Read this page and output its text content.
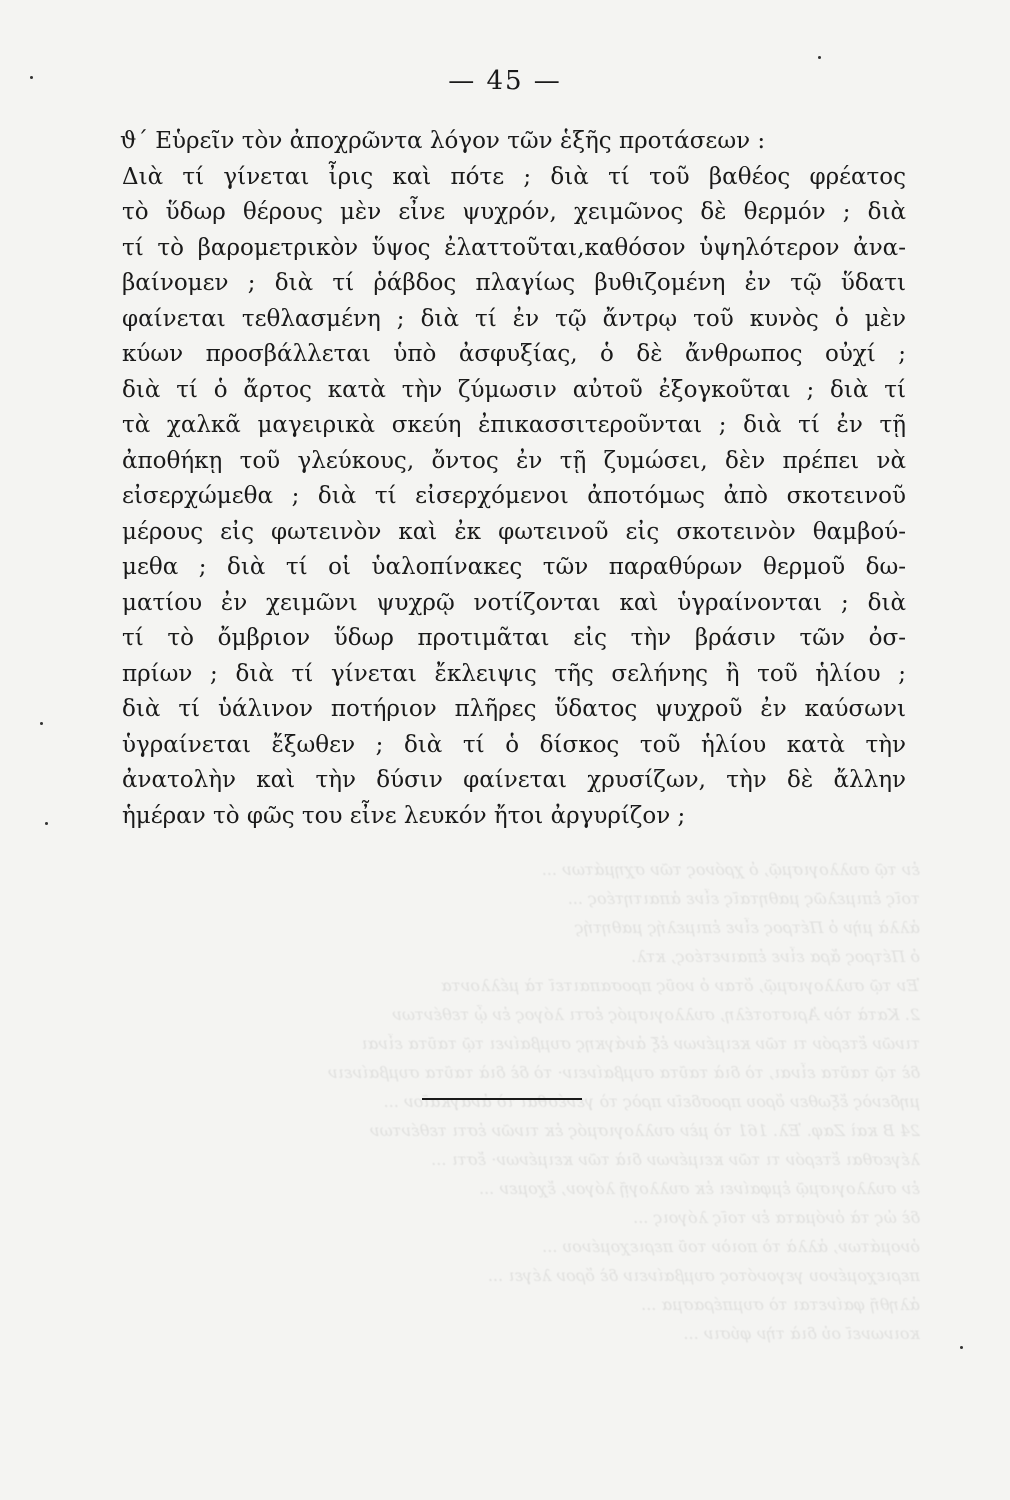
ἐν τῷ συλλογισμῷ, ὁ χρόνος τῶν σχημάτων ...
τοῖς ἐπιμελῶς μαθηταῖς εἶνε ἀπαιτητέος ...
ἀλλὰ μὴν ὁ Πέτρος εἶνε ἐπιμελής μαθητής
ὁ Πέτρος ἄρα εἶνε ἐπαινετέος, κτλ.
Ἐν τῷ συλλογισμῷ, ὅταν ὁ νοῦς προσαπαιτεῖ τὰ μέλλοντα
2. Κατὰ τὸν Ἀριστοτέλη, συλλογισμός ἐστι λόγος ἐν ᾧ τεθέντων
τινῶν ἕτερόν τι τῶν κειμένων ἐξ ἀνάγκης συμβαίνει τῷ ταῦτα εἶναι
δὲ τῷ ταῦτα εἶναι, τὸ διὰ ταῦτα συμβαίνειν· τὸ δὲ διὰ ταῦτα συμβαίνειν
μηδενὸς ἔξωθεν ὅρου προσδεῖν πρὸς τὸ γενέσθαι τὸ ἀναγκαῖον ...
24 B καὶ Ζαφ. Ἐλ. 161 τὸ μὲν συλλογισμός ἐκ τινῶν ἐστι τεθέντων
λέγεσθαι ἕτερόν τι τῶν κειμένων διὰ τῶν κειμένων· ἔστι ...
ἐν συλλογισμῷ ἐμφαίνει ἐκ συλλογῇ λόγον, ἔχομεν ...
δὲ ὡς τὰ ὀνόματα ἐν τοῖς λόγοις ...
ὀνομάτων, ἀλλὰ τὸ ποιὸν τοῦ περιεχομένου ...
περιεχομένου γεγονότος συμβαίνειν δὲ ὅρον λέγει ...
ἀληθῆ φαίνεται τὸ συμπέρασμα ...
κοινωνεῖ οὐ διὰ τὴν φύσιν ...
— 45 —
ϑ΄ Εὑρεῖν τὸν ἀποχρῶντα λόγον τῶν ἑξῆς προτάσεων :
Διὰ τί γίνεται ἶρις καὶ πότε ; διὰ τί τοῦ βαθέος φρέατος
τὸ ὕδωρ θέρους μὲν εἶνε ψυχρόν, χειμῶνος δὲ θερμόν ; διὰ
τί τὸ βαρομετρικὸν ὕψος ἐλαττοῦται,καθόσον ὑψηλότερον ἀνα-
βαίνομεν ; διὰ τί ῥάβδος πλαγίως βυθιζομένη ἐν τῷ ὕδατι
φαίνεται τεθλασμένη ; διὰ τί ἐν τῷ ἄντρῳ τοῦ κυνὸς ὁ μὲν
κύων προσβάλλεται ὑπὸ ἀσφυξίας, ὁ δὲ ἄνθρωπος οὐχί ;
διὰ τί ὁ ἄρτος κατὰ τὴν ζύμωσιν αὐτοῦ ἐξογκοῦται ; διὰ τί
τὰ χαλκᾶ μαγειρικὰ σκεύη ἐπικασσιτεροῦνται ; διὰ τί ἐν τῇ
ἀποθήκῃ τοῦ γλεύκους, ὄντος ἐν τῇ ζυμώσει, δὲν πρέπει νὰ
εἰσερχώμεθα ; διὰ τί εἰσερχόμενοι ἀποτόμως ἀπὸ σκοτεινοῦ
μέρους εἰς φωτεινὸν καὶ ἐκ φωτεινοῦ εἰς σκοτεινὸν θαμβού-
μεθα ; διὰ τί οἱ ὑαλοπίνακες τῶν παραθύρων θερμοῦ δω-
ματίου ἐν χειμῶνι ψυχρῷ νοτίζονται καὶ ὑγραίνονται ; διὰ
τί τὸ ὄμβριον ὕδωρ προτιμᾶται εἰς τὴν βράσιν τῶν ὀσ-
πρίων ; διὰ τί γίνεται ἔκλειψις τῆς σελήνης ἢ τοῦ ἡλίου ;
διὰ τί ὑάλινον ποτήριον πλῆρες ὕδατος ψυχροῦ ἐν καύσωνι
ὑγραίνεται ἔξωθεν ; διὰ τί ὁ δίσκος τοῦ ἡλίου κατὰ τὴν
ἀνατολὴν καὶ τὴν δύσιν φαίνεται χρυσίζων, τὴν δὲ ἄλλην
ἡμέραν τὸ φῶς του εἶνε λευκόν ἤτοι ἀργυρίζον ;
